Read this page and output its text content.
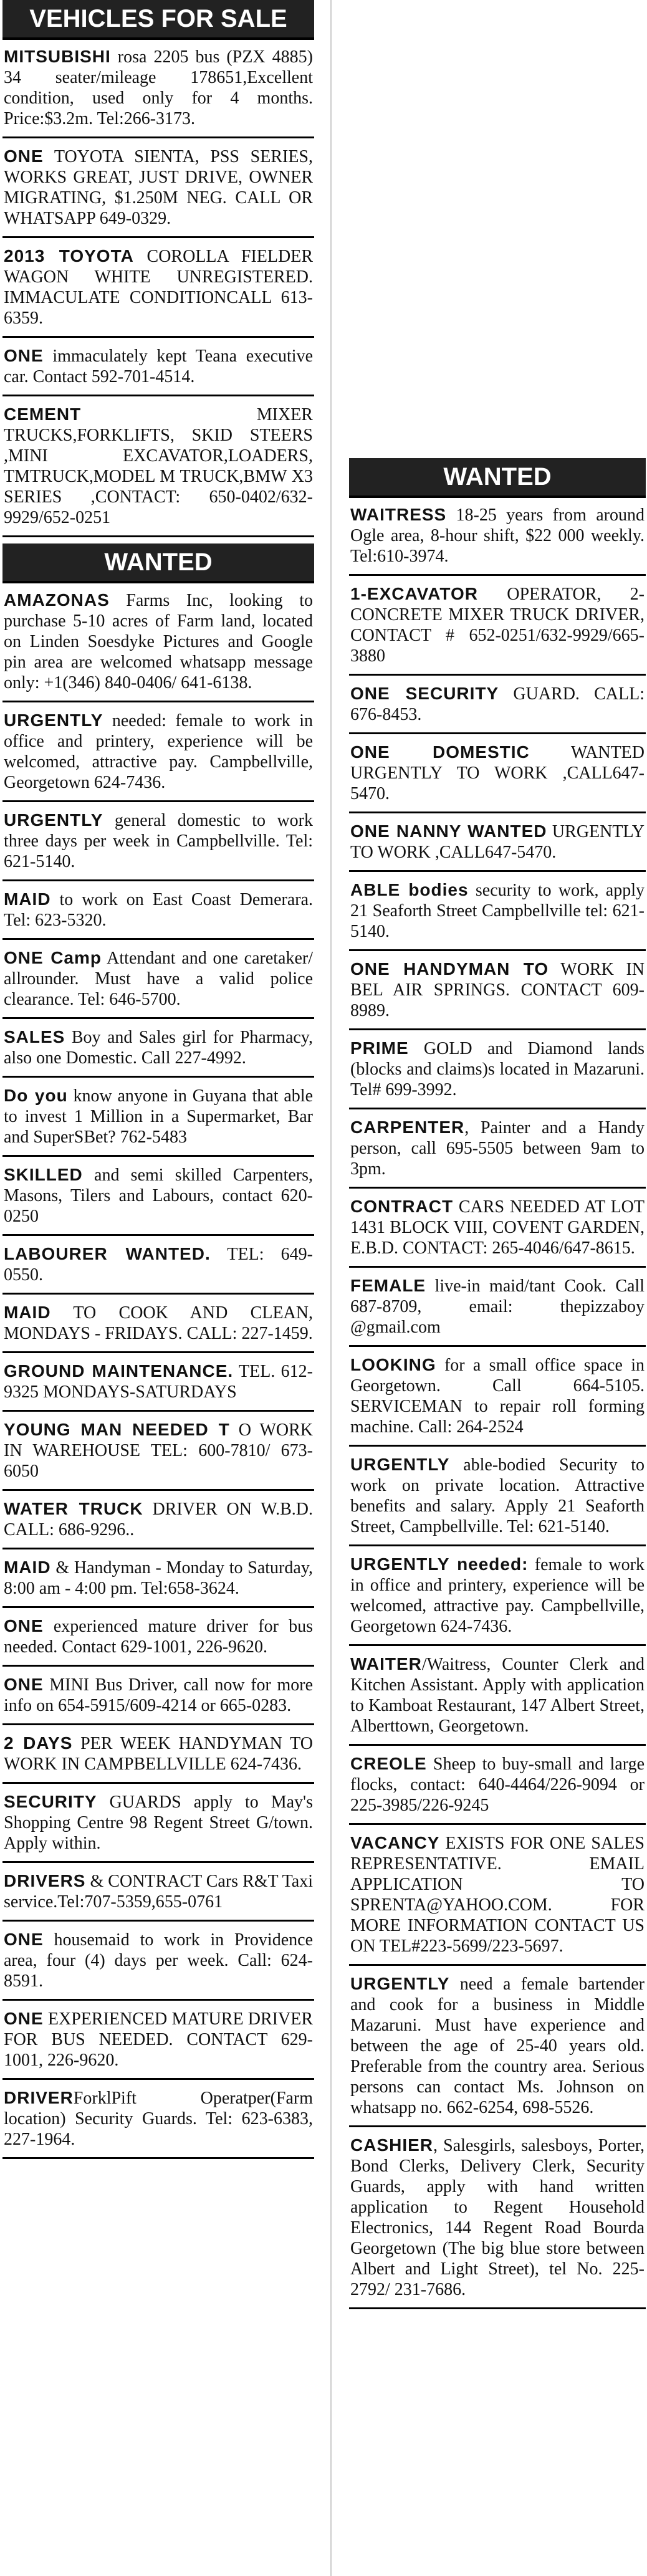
VEHICLES FOR SALE
MITSUBISHI rosa 2205 bus (PZX 4885) 34 seater/mileage 178651,Excellent condition, used only for 4 months. Price:$3.2m. Tel:266-3173.
ONE TOYOTA SIENTA, PSS SERIES, WORKS GREAT, JUST DRIVE, OWNER MIGRATING, $1.250M NEG. CALL OR WHATSAPP 649-0329.
2013 TOYOTA COROLLA FIELDER WAGON WHITE UNREGISTERED. IMMACULATE CONDITIONCALL 613-6359.
ONE immaculately kept Teana executive car. Contact 592-701-4514.
CEMENT MIXER TRUCKS,FORKLIFTS, SKID STEERS ,MINI EXCAVATOR,LOADERS, TMTRUCK,MODEL M TRUCK,BMW X3 SERIES ,CONTACT: 650-0402/632-9929/652-0251
WANTED
AMAZONAS Farms Inc, looking to purchase 5-10 acres of Farm land, located on Linden Soesdyke Pictures and Google pin area are welcomed whatsapp message only: +1(346) 840-0406/ 641-6138.
URGENTLY needed: female to work in office and printery, experience will be welcomed, attractive pay. Campbellville, Georgetown 624-7436.
URGENTLY general domestic to work three days per week in Campbellville. Tel: 621-5140.
MAID to work on East Coast Demerara. Tel: 623-5320.
ONE Camp Attendant and one caretaker/ allrounder. Must have a valid police clearance. Tel: 646-5700.
SALES Boy and Sales girl for Pharmacy, also one Domestic. Call 227-4992.
Do you know anyone in Guyana that able to invest 1 Million in a Supermarket, Bar and SuperSBet? 762-5483
SKILLED and semi skilled Carpenters, Masons, Tilers and Labours, contact 620-0250
LABOURER WANTED. TEL: 649-0550.
MAID TO COOK AND CLEAN, MONDAYS - FRIDAYS. CALL: 227-1459.
GROUND MAINTENANCE. TEL. 612-9325 MONDAYS-SATURDAYS
YOUNG MAN NEEDED T O WORK IN WAREHOUSE TEL: 600-7810/ 673-6050
WATER TRUCK DRIVER ON W.B.D. CALL: 686-9296..
MAID & Handyman - Monday to Saturday, 8:00 am - 4:00 pm. Tel:658-3624.
ONE experienced mature driver for bus needed. Contact 629-1001, 226-9620.
ONE MINI Bus Driver, call now for more info on 654-5915/609-4214 or 665-0283.
2 DAYS PER WEEK HANDYMAN TO WORK IN CAMPBELLVILLE 624-7436.
SECURITY GUARDS apply to May's Shopping Centre 98 Regent Street G/town. Apply within.
DRIVERS & CONTRACT Cars R&T Taxi service.Tel:707-5359,655-0761
ONE housemaid to work in Providence area, four (4) days per week. Call: 624-8591.
ONE EXPERIENCED MATURE DRIVER FOR BUS NEEDED. CONTACT 629-1001, 226-9620.
DRIVERForklPift Operatper(Farm location) Security Guards. Tel: 623-6383, 227-1964.
WANTED
WAITRESS 18-25 years from around Ogle area, 8-hour shift, $22 000 weekly. Tel:610-3974.
1-EXCAVATOR OPERATOR, 2- CONCRETE MIXER TRUCK DRIVER, CONTACT # 652-0251/632-9929/665-3880
ONE SECURITY GUARD. CALL: 676-8453.
ONE DOMESTIC WANTED URGENTLY TO WORK ,CALL647-5470.
ONE NANNY WANTED URGENTLY TO WORK ,CALL647-5470.
ABLE bodies security to work, apply 21 Seaforth Street Campbellville tel: 621-5140.
ONE HANDYMAN TO WORK IN BEL AIR SPRINGS. CONTACT 609-8989.
PRIME GOLD and Diamond lands (blocks and claims)s located in Mazaruni. Tel# 699-3992.
CARPENTER, Painter and a Handy person, call 695-5505 between 9am to 3pm.
CONTRACT CARS NEEDED AT LOT 1431 BLOCK VIII, COVENT GARDEN, E.B.D. CONTACT: 265-4046/647-8615.
FEMALE live-in maid/tant Cook. Call 687-8709, email: thepizzaboy @gmail.com
LOOKING for a small office space in Georgetown. Call 664-5105. SERVICEMAN to repair roll forming machine. Call: 264-2524
URGENTLY able-bodied Security to work on private location. Attractive benefits and salary. Apply 21 Seaforth Street, Campbellville. Tel: 621-5140.
URGENTLY needed: female to work in office and printery, experience will be welcomed, attractive pay. Campbellville, Georgetown 624-7436.
WAITER/Waitress, Counter Clerk and Kitchen Assistant. Apply with application to Kamboat Restaurant, 147 Albert Street, Alberttown, Georgetown.
CREOLE Sheep to buy-small and large flocks, contact: 640-4464/226-9094 or 225-3985/226-9245
VACANCY EXISTS FOR ONE SALES REPRESENTATIVE. EMAIL APPLICATION TO SPRENTA@YAHOO.COM. FOR MORE INFORMATION CONTACT US ON TEL#223-5699/223-5697.
URGENTLY need a female bartender and cook for a business in Middle Mazaruni. Must have experience and between the age of 25-40 years old. Preferable from the country area. Serious persons can contact Ms. Johnson on whatsapp no. 662-6254, 698-5526.
CASHIER, Salesgirls, salesboys, Porter, Bond Clerks, Delivery Clerk, Security Guards, apply with hand written application to Regent Household Electronics, 144 Regent Road Bourda Georgetown (The big blue store between Albert and Light Street), tel No. 225-2792/ 231-7686.
